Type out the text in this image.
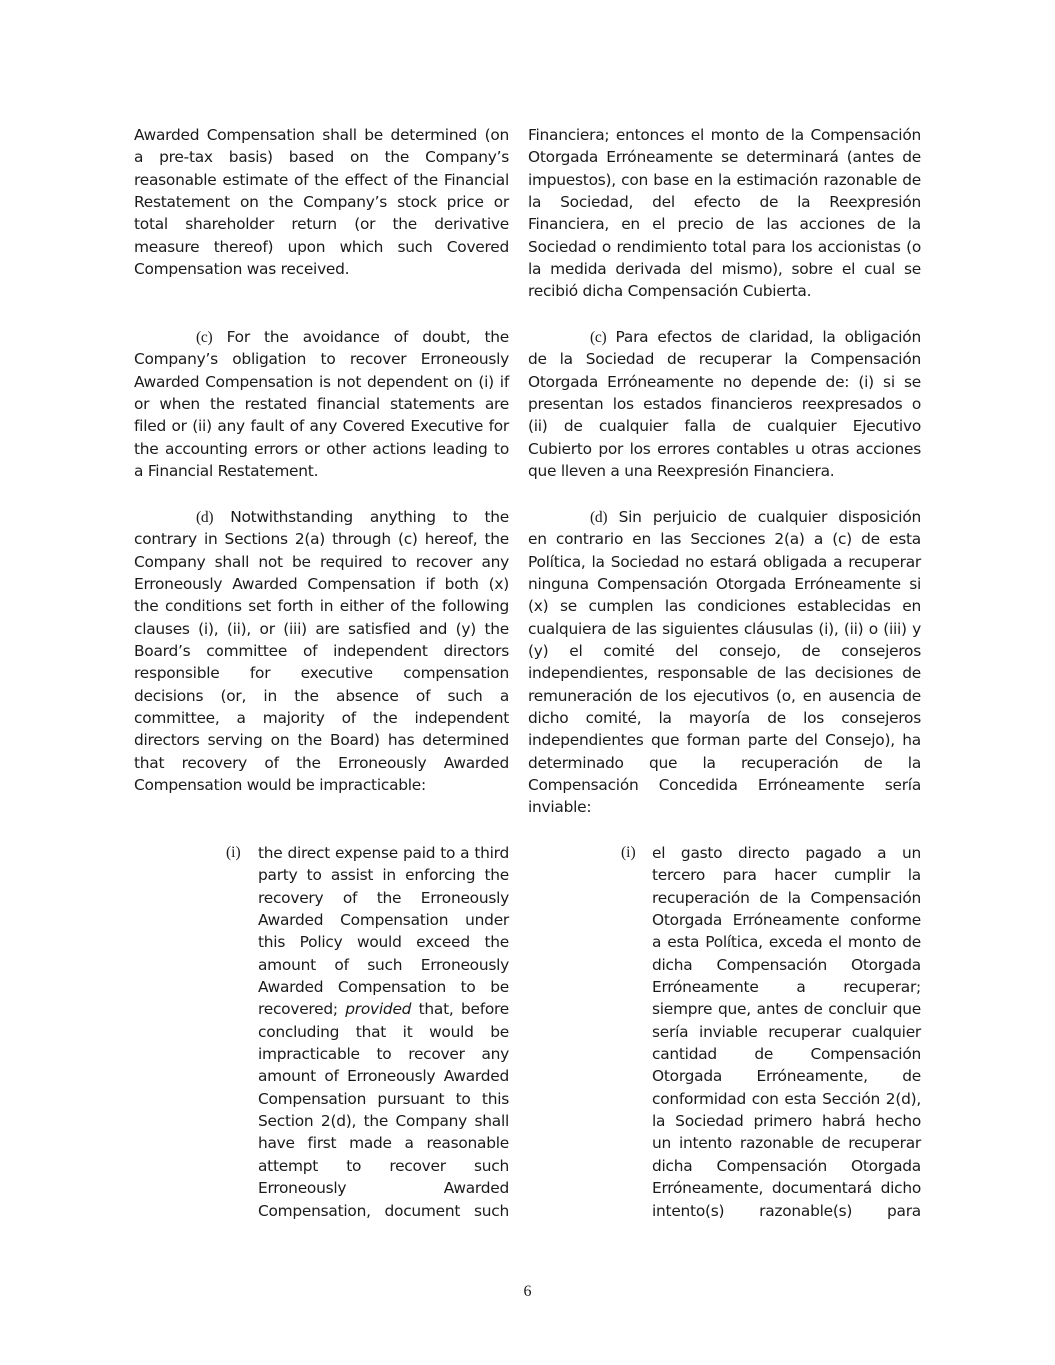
Awarded Compensation shall be determined (on
a pre-tax basis) based on the Company’s
reasonable estimate of the effect of the Financial
Restatement on the Company’s stock price or
total shareholder return (or the derivative
measure thereof) upon which such Covered
Compensation was received.
(c) For the avoidance of doubt, the
Company’s obligation to recover Erroneously
Awarded Compensation is not dependent on (i) if
or when the restated financial statements are
filed or (ii) any fault of any Covered Executive for
the accounting errors or other actions leading to
a Financial Restatement.
(d) Notwithstanding anything to the
contrary in Sections 2(a) through (c) hereof, the
Company shall not be required to recover any
Erroneously Awarded Compensation if both (x)
the conditions set forth in either of the following
clauses (i), (ii), or (iii) are satisfied and (y) the
Board’s committee of independent directors
responsible for executive compensation
decisions (or, in the absence of such a
committee, a majority of the independent
directors serving on the Board) has determined
that recovery of the Erroneously Awarded
Compensation would be impracticable:
(i) the direct expense paid to a third
party to assist in enforcing the
recovery of the Erroneously
Awarded Compensation under
this Policy would exceed the
amount of such Erroneously
Awarded Compensation to be
recovered; provided that, before
concluding that it would be
impracticable to recover any
amount of Erroneously Awarded
Compensation pursuant to this
Section 2(d), the Company shall
have first made a reasonable
attempt to recover such
Erroneously Awarded
Compensation, document such
Financiera; entonces el monto de la Compensación
Otorgada Erróneamente se determinará (antes de
impuestos), con base en la estimación razonable de
la Sociedad, del efecto de la Reexpresión
Financiera, en el precio de las acciones de la
Sociedad o rendimiento total para los accionistas (o
la medida derivada del mismo), sobre el cual se
recibió dicha Compensación Cubierta.
(c) Para efectos de claridad, la obligación
de la Sociedad de recuperar la Compensación
Otorgada Erróneamente no depende de: (i) si se
presentan los estados financieros reexpresados o
(ii) de cualquier falla de cualquier Ejecutivo
Cubierto por los errores contables u otras acciones
que lleven a una Reexpresión Financiera.
(d) Sin perjuicio de cualquier disposición
en contrario en las Secciones 2(a) a (c) de esta
Política, la Sociedad no estará obligada a recuperar
ninguna Compensación Otorgada Erróneamente si
(x) se cumplen las condiciones establecidas en
cualquiera de las siguientes cláusulas (i), (ii) o (iii) y
(y) el comité del consejo, de consejeros
independientes, responsable de las decisiones de
remuneración de los ejecutivos (o, en ausencia de
dicho comité, la mayoría de los consejeros
independientes que forman parte del Consejo), ha
determinado que la recuperación de la
Compensación Concedida Erróneamente sería
inviable:
(i) el gasto directo pagado a un
tercero para hacer cumplir la
recuperación de la Compensación
Otorgada Erróneamente conforme
a esta Política, exceda el monto de
dicha Compensación Otorgada
Erróneamente a recuperar;
siempre que, antes de concluir que
sería inviable recuperar cualquier
cantidad de Compensación
Otorgada Erróneamente, de
conformidad con esta Sección 2(d),
la Sociedad primero habrá hecho
un intento razonable de recuperar
dicha Compensación Otorgada
Erróneamente, documentará dicho
intento(s) razonable(s) para
6
